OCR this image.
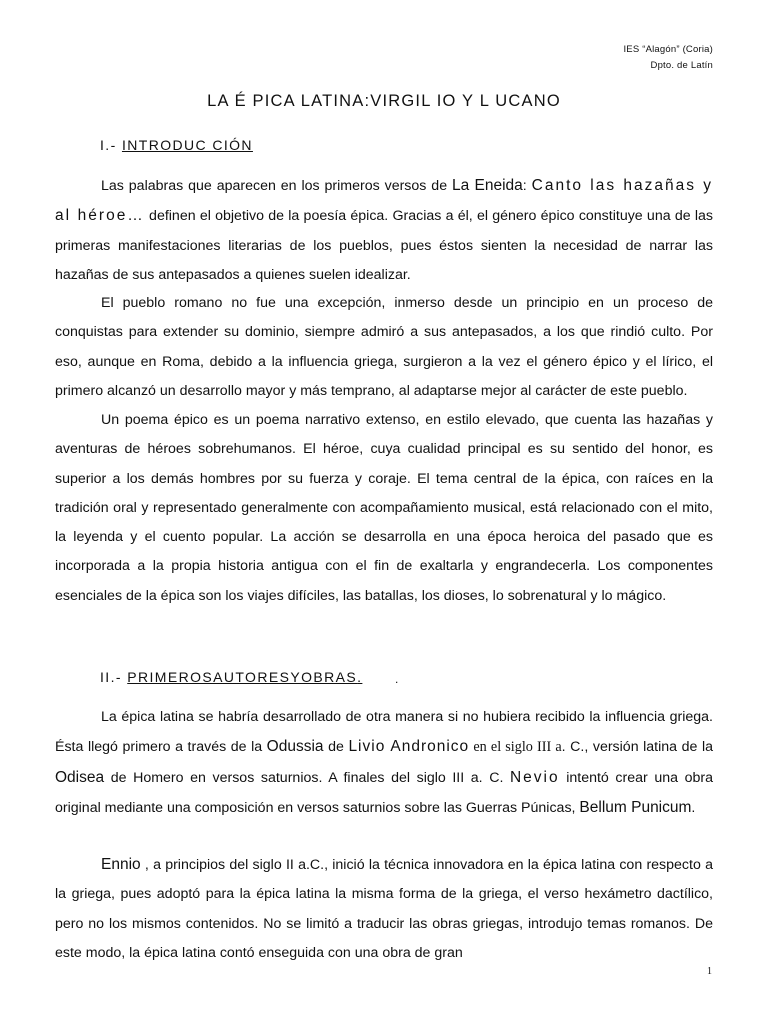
IES “Alagón” (Coria)
Dpto. de Latín
LA É PICA LATINA:VIRGIL IO Y L UCANO
I.- INTRODUC CIÓN

Las palabras que aparecen en los primeros versos de La Eneida: Canto las hazañas y al héroe… definen el objetivo de la poesía épica. Gracias a él, el género épico constituye una de las primeras manifestaciones literarias de los pueblos, pues éstos sienten la necesidad de narrar las hazañas de sus antepasados a quienes suelen idealizar.

El pueblo romano no fue una excepción, inmerso desde un principio en un proceso de conquistas para extender su dominio, siempre admiró a sus antepasados, a los que rindió culto. Por eso, aunque en Roma, debido a la influencia griega, surgieron a la vez el género épico y el lírico, el primero alcanzó un desarrollo mayor y más temprano, al adaptarse mejor al carácter de este pueblo.

Un poema épico es un poema narrativo extenso, en estilo elevado, que cuenta las hazañas y aventuras de héroes sobrehumanos. El héroe, cuya cualidad principal es su sentido del honor, es superior a los demás hombres por su fuerza y coraje. El tema central de la épica, con raíces en la tradición oral y representado generalmente con acompañamiento musical, está relacionado con el mito, la leyenda y el cuento popular. La acción se desarrolla en una época heroica del pasado que es incorporada a la propia historia antigua con el fin de exaltarla y engrandecerla. Los componentes esenciales de la épica son los viajes difíciles, las batallas, los dioses, lo sobrenatural y lo mágico.

II.- PRIMEROSAUTORESYOBRAS.	.

La épica latina se habría desarrollado de otra manera si no hubiera recibido la influencia griega. Ésta llegó primero a través de la Odussia de Livio Andronico en el siglo III a. C., versión latina de la Odisea de Homero en versos saturnios. A finales del siglo III a. C. Nevio intentó crear una obra original mediante una composición en versos saturnios sobre las Guerras Púnicas, Bellum Punicum.

Ennio , a principios del siglo II a.C., inició la técnica innovadora en la épica latina con respecto a la griega, pues adoptó para la épica latina la misma forma de la griega, el verso hexámetro dactílico, pero no los mismos contenidos. No se limitó a traducir las obras griegas, introdujo temas romanos. De este modo, la épica latina contó enseguida con una obra de gran

1
